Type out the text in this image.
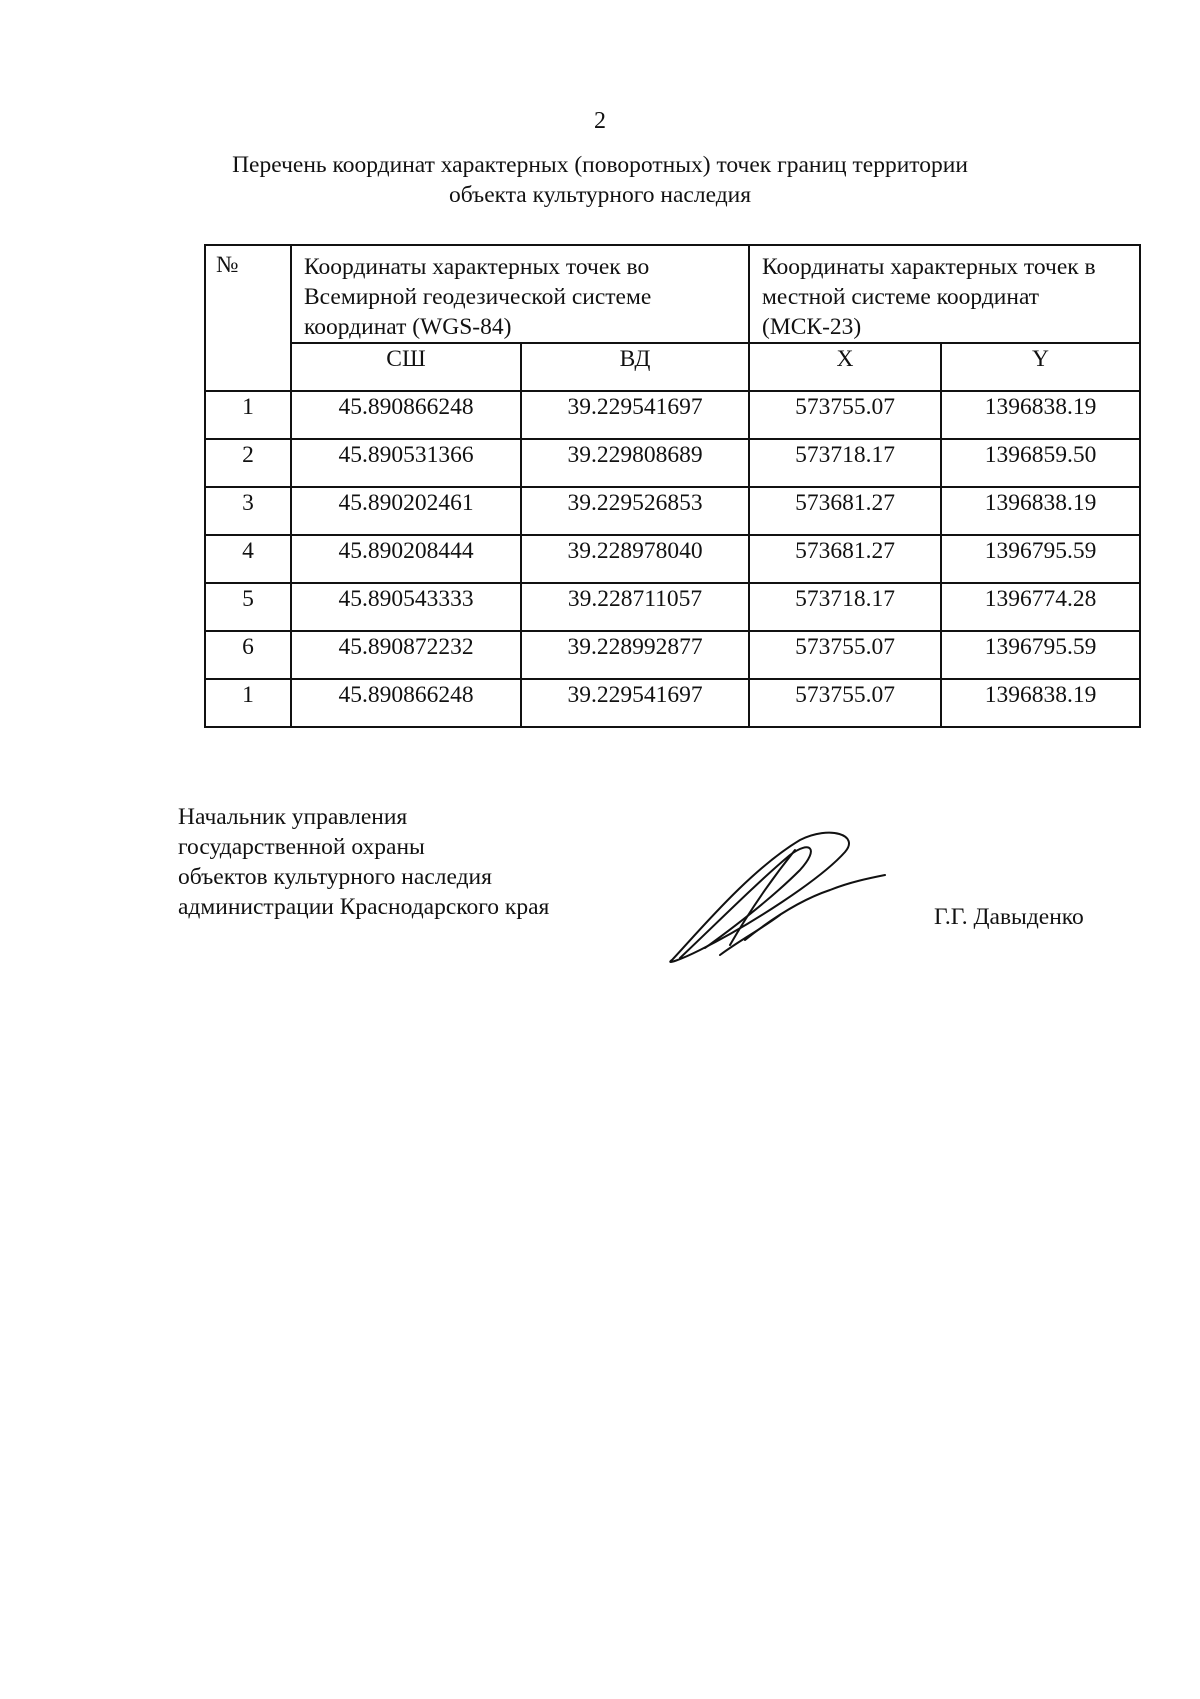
2
Перечень координат характерных (поворотных) точек границ территории
объекта культурного наследия
№	Координаты характерных точек во Всемирной геодезической системе координат (WGS-84)		Координаты характерных точек в местной системе координат (МСК-23)	
	СШ	ВД	X	Y
1	45.890866248	39.229541697	573755.07	1396838.19
2	45.890531366	39.229808689	573718.17	1396859.50
3	45.890202461	39.229526853	573681.27	1396838.19
4	45.890208444	39.228978040	573681.27	1396795.59
5	45.890543333	39.228711057	573718.17	1396774.28
6	45.890872232	39.228992877	573755.07	1396795.59
1	45.890866248	39.229541697	573755.07	1396838.19
Начальник управления
государственной охраны
объектов культурного наследия
администрации Краснодарского края	Г.Г. Давыденко
